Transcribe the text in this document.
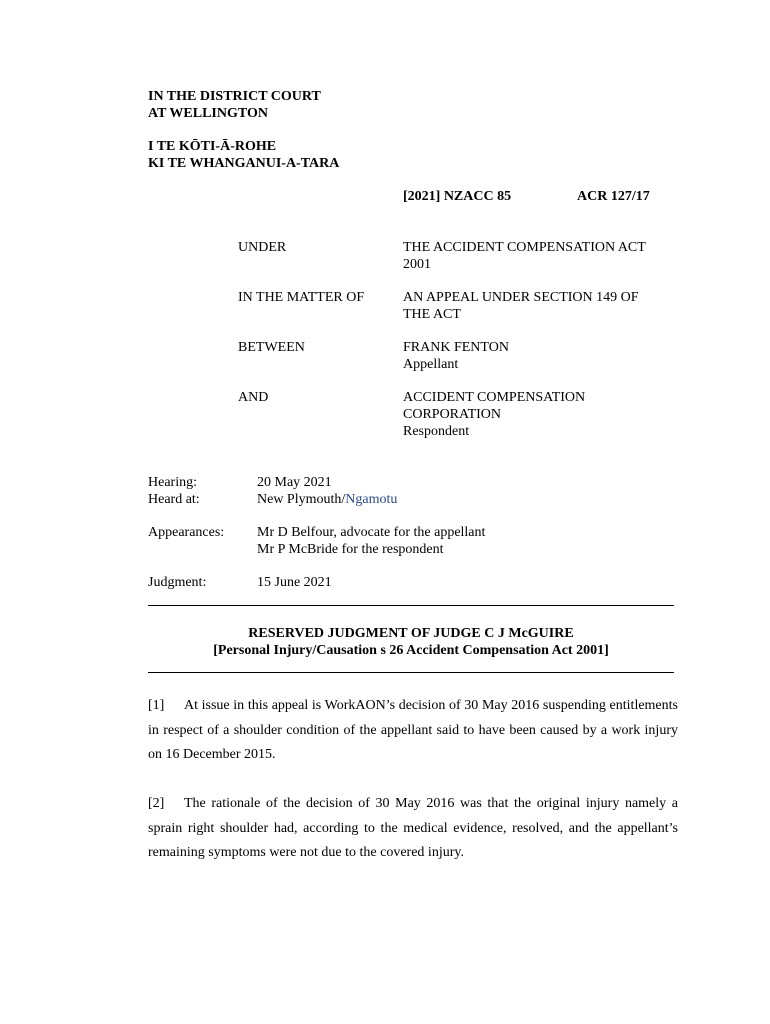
IN THE DISTRICT COURT
AT WELLINGTON
I TE KŌTI-Ā-ROHE
KI TE WHANGANUI-A-TARA
[2021] NZACC 85	ACR 127/17
UNDER	THE ACCIDENT COMPENSATION ACT
2001
IN THE MATTER OF	AN APPEAL UNDER SECTION 149 OF
THE ACT
BETWEEN	FRANK FENTON
Appellant
AND	ACCIDENT COMPENSATION
CORPORATION
Respondent
Hearing:	20 May 2021
Heard at:	New Plymouth/Ngamotu
Appearances: Mr D Belfour, advocate for the appellant
Mr P McBride for the respondent
Judgment:	15 June 2021
RESERVED JUDGMENT OF JUDGE C J McGUIRE
[Personal Injury/Causation s 26 Accident Compensation Act 2001]
[1] At issue in this appeal is WorkAON’s decision of 30 May 2016 suspending entitlements in respect of a shoulder condition of the appellant said to have been caused by a work injury on 16 December 2015.
[2] The rationale of the decision of 30 May 2016 was that the original injury namely a sprain right shoulder had, according to the medical evidence, resolved, and the appellant’s remaining symptoms were not due to the covered injury.
